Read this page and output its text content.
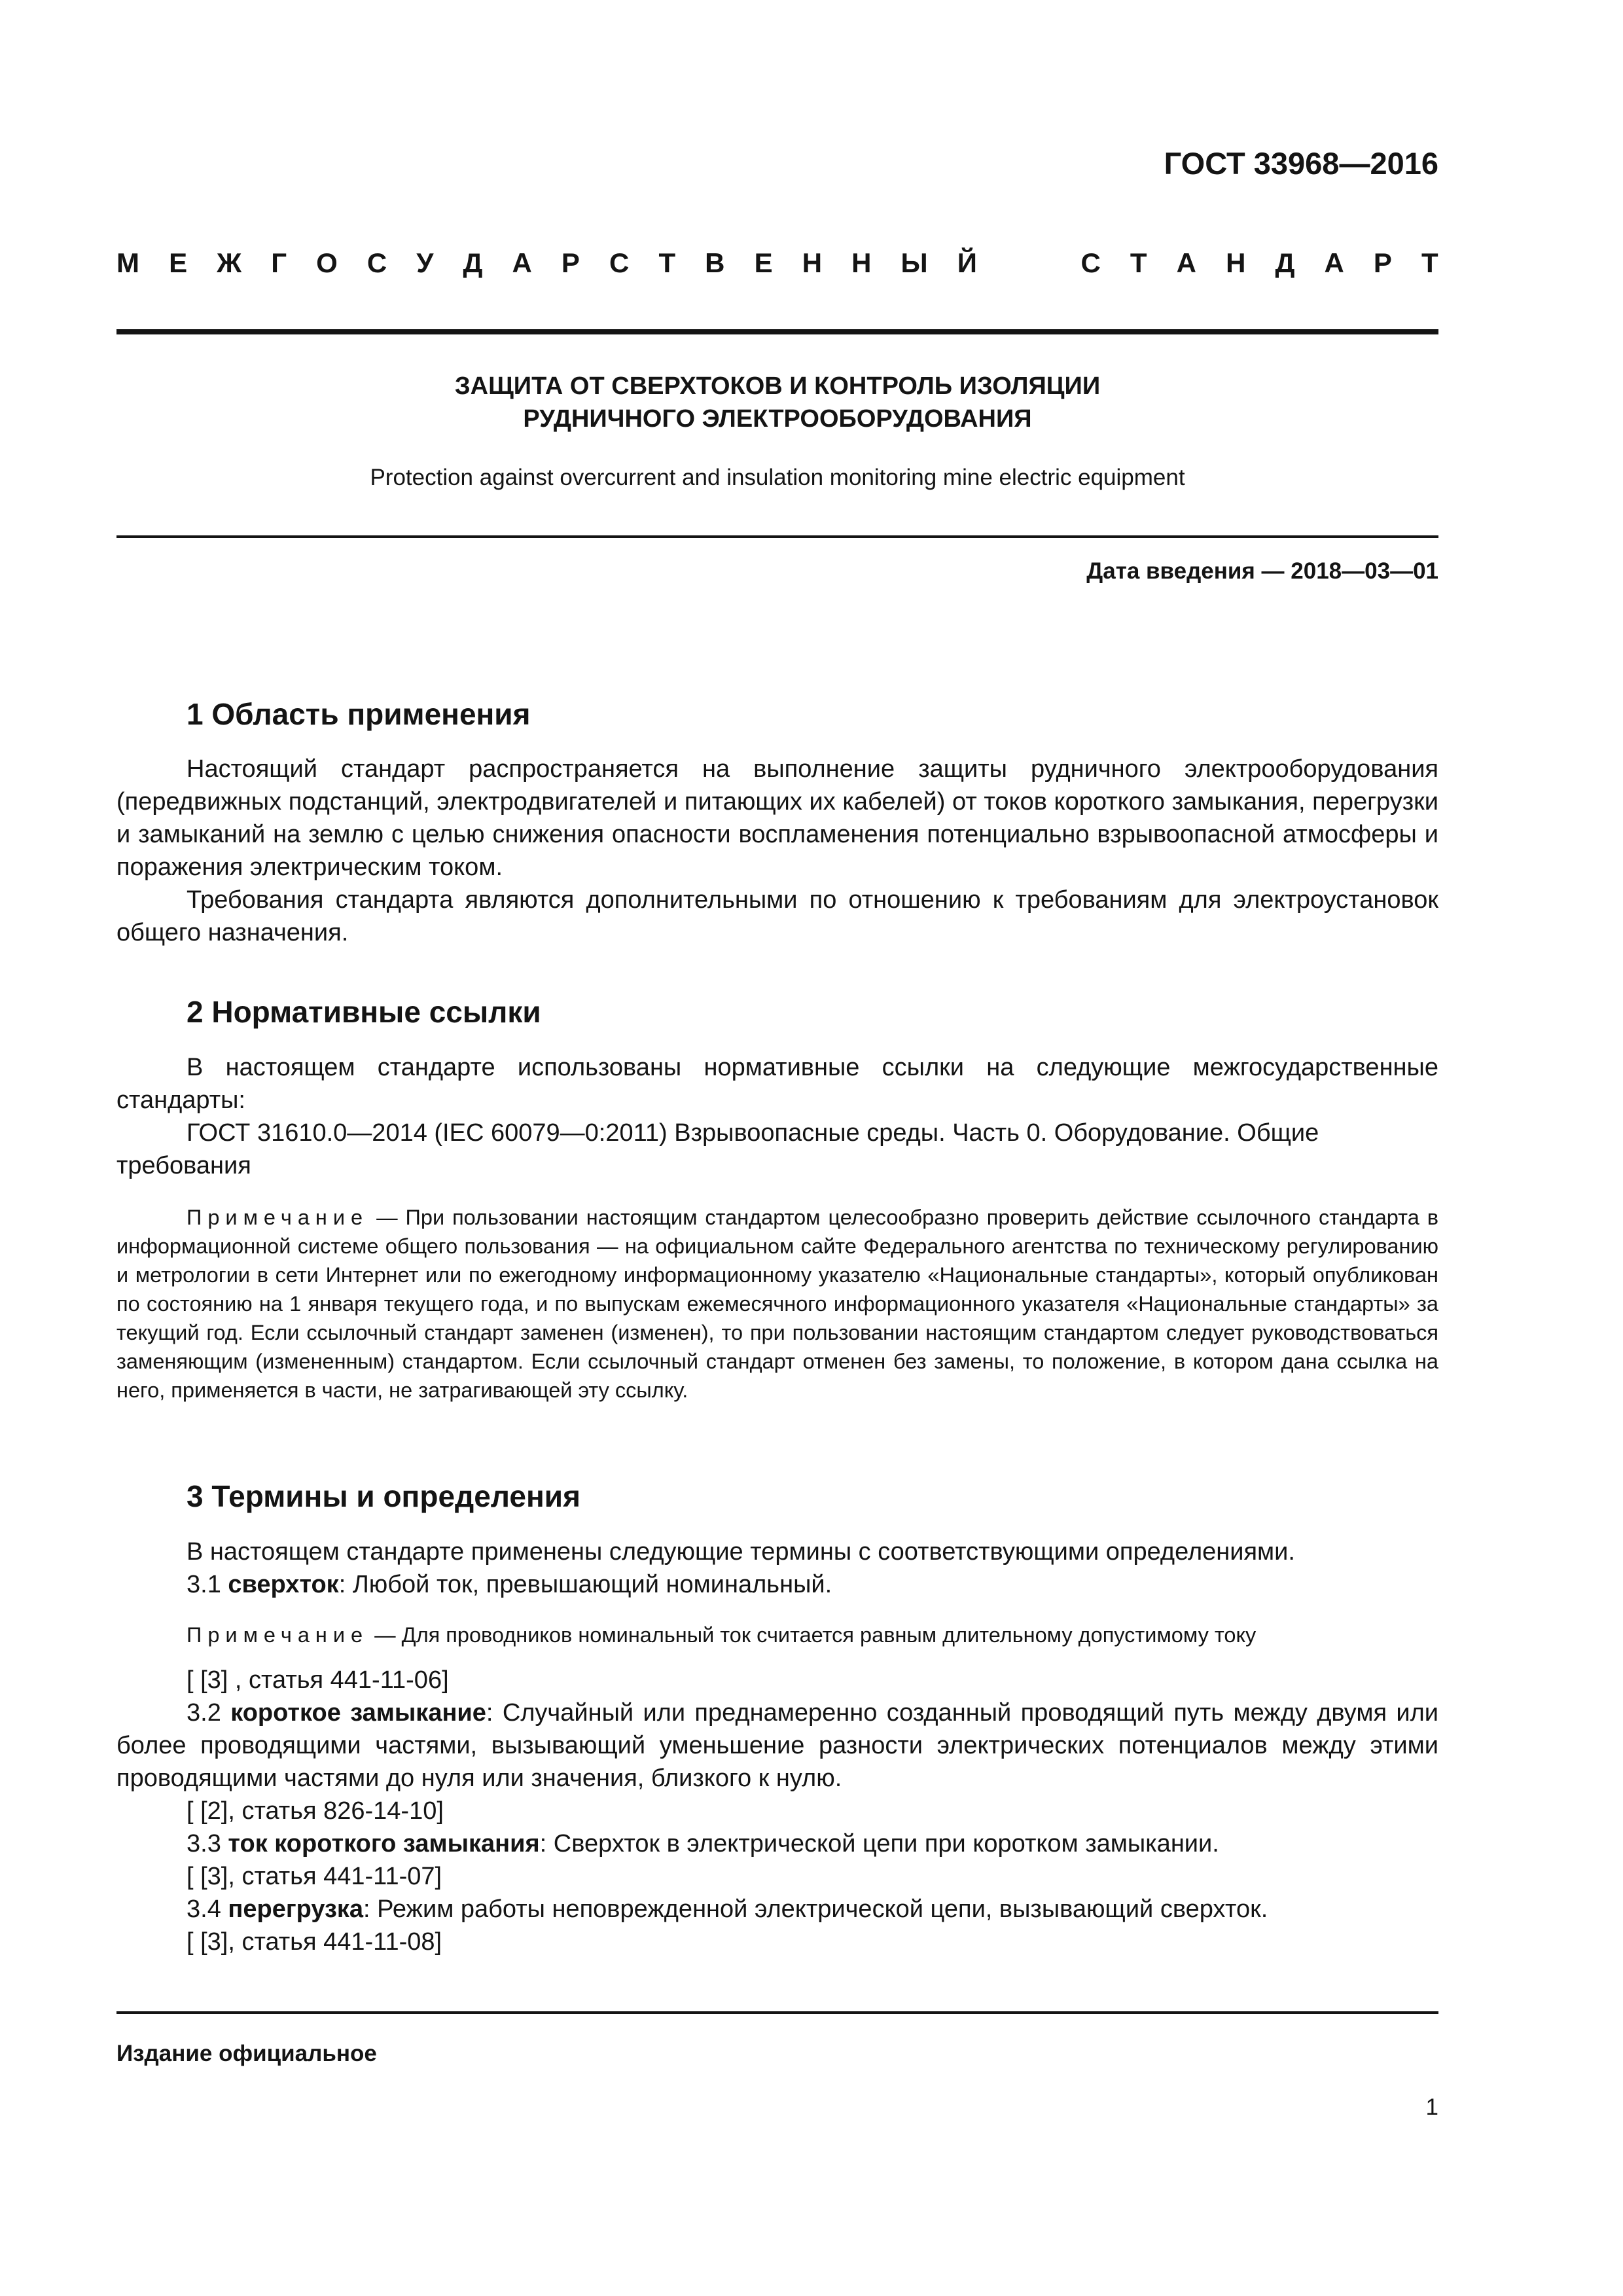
ГОСТ 33968—2016
М Е Ж Г О С У Д А Р С Т В Е Н Н Ы Й

	С Т А Н Д А Р Т
ЗАЩИТА ОТ СВЕРХТОКОВ И КОНТРОЛЬ ИЗОЛЯЦИИ
РУДНИЧНОГО ЭЛЕКТРООБОРУДОВАНИЯ
Protection against overcurrent and insulation monitoring mine electric equipment
Дата введения — 2018—03—01
1 Область применения

Настоящий стандарт распространяется на выполнение защиты рудничного электрооборудования (передвижных подстанций, электродвигателей и питающих их кабелей) от токов короткого замыкания, перегрузки и замыканий на землю с целью снижения опасности воспламенения потенциально взрывоопасной атмосферы и поражения электрическим током.

Требования стандарта являются дополнительными по отношению к требованиям для электроустановок общего назначения.

2 Нормативные ссылки

В настоящем стандарте использованы нормативные ссылки на следующие межгосударственные стандарты:

ГОСТ 31610.0—2014 (IEC 60079—0:2011) Взрывоопасные среды. Часть 0. Оборудование. Общие требования

Примечание — При пользовании настоящим стандартом целесообразно проверить действие ссылочного стандарта в информационной системе общего пользования — на официальном сайте Федерального агентства по техническому регулированию и метрологии в сети Интернет или по ежегодному информационному указателю «Национальные стандарты», который опубликован по состоянию на 1 января текущего года, и по выпускам ежемесячного информационного указателя «Национальные стандарты» за текущий год. Если ссылочный стандарт заменен (изменен), то при пользовании настоящим стандартом следует руководствоваться заменяющим (измененным) стандартом. Если ссылочный стандарт отменен без замены, то положение, в котором дана ссылка на него, применяется в части, не затрагивающей эту ссылку.

3 Термины и определения

В настоящем стандарте применены следующие термины с соответствующими определениями.

3.1 сверхток: Любой ток, превышающий номинальный.

Примечание — Для проводников номинальный ток считается равным длительному допустимому току

[ [3] , статья 441-11-06]

3.2 короткое замыкание: Случайный или преднамеренно созданный проводящий путь между двумя или более проводящими частями, вызывающий уменьшение разности электрических потенциалов между этими проводящими частями до нуля или значения, близкого к нулю.

[ [2], статья 826-14-10]

3.3 ток короткого замыкания: Сверхток в электрической цепи при коротком замыкании.

[ [3], статья 441-11-07]

3.4 перегрузка: Режим работы неповрежденной электрической цепи, вызывающий сверхток.

[ [3], статья 441-11-08]

Издание официальное
1
